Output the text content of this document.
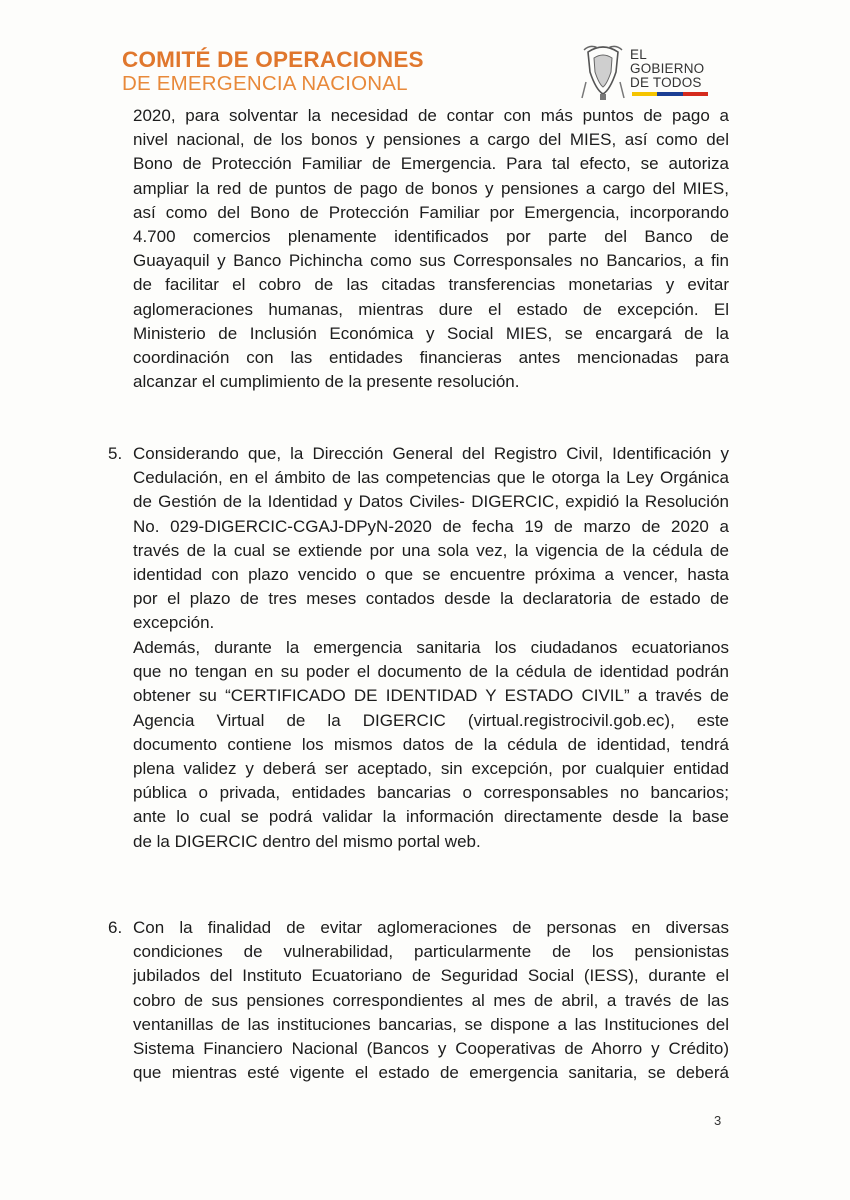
COMITÉ DE OPERACIONES
DE EMERGENCIA NACIONAL
EL
GOBIERNO
DE TODOS
2020, para solventar la necesidad de contar con más puntos de pago a
nivel nacional, de los bonos y pensiones a cargo del MIES, así como del
Bono de Protección Familiar de Emergencia. Para tal efecto, se autoriza
ampliar la red de puntos de pago de bonos y pensiones a cargo del MIES,
así como del Bono de Protección Familiar por Emergencia, incorporando
4.700 comercios plenamente identificados por parte del Banco de
Guayaquil y Banco Pichincha como sus Corresponsales no Bancarios, a fin
de facilitar el cobro de las citadas transferencias monetarias y evitar
aglomeraciones humanas, mientras dure el estado de excepción. El
Ministerio de Inclusión Económica y Social MIES, se encargará de la
coordinación con las entidades financieras antes mencionadas para
alcanzar el cumplimiento de la presente resolución.
5. Considerando que, la Dirección General del Registro Civil, Identificación y
Cedulación, en el ámbito de las competencias que le otorga la Ley Orgánica
de Gestión de la Identidad y Datos Civiles- DIGERCIC, expidió la Resolución
No. 029-DIGERCIC-CGAJ-DPyN-2020 de fecha 19 de marzo de 2020 a
través de la cual se extiende por una sola vez, la vigencia de la cédula de
identidad con plazo vencido o que se encuentre próxima a vencer, hasta
por el plazo de tres meses contados desde la declaratoria de estado de
excepción.
Además, durante la emergencia sanitaria los ciudadanos ecuatorianos
que no tengan en su poder el documento de la cédula de identidad podrán
obtener su “CERTIFICADO DE IDENTIDAD Y ESTADO CIVIL” a través de
Agencia Virtual de la DIGERCIC (virtual.registrocivil.gob.ec), este
documento contiene los mismos datos de la cédula de identidad, tendrá
plena validez y deberá ser aceptado, sin excepción, por cualquier entidad
pública o privada, entidades bancarias o corresponsables no bancarios;
ante lo cual se podrá validar la información directamente desde la base
de la DIGERCIC dentro del mismo portal web.
6. Con la finalidad de evitar aglomeraciones de personas en diversas
condiciones de vulnerabilidad, particularmente de los pensionistas
jubilados del Instituto Ecuatoriano de Seguridad Social (IESS), durante el
cobro de sus pensiones correspondientes al mes de abril, a través de las
ventanillas de las instituciones bancarias, se dispone a las Instituciones del
Sistema Financiero Nacional (Bancos y Cooperativas de Ahorro y Crédito)
que mientras esté vigente el estado de emergencia sanitaria, se deberá
3
